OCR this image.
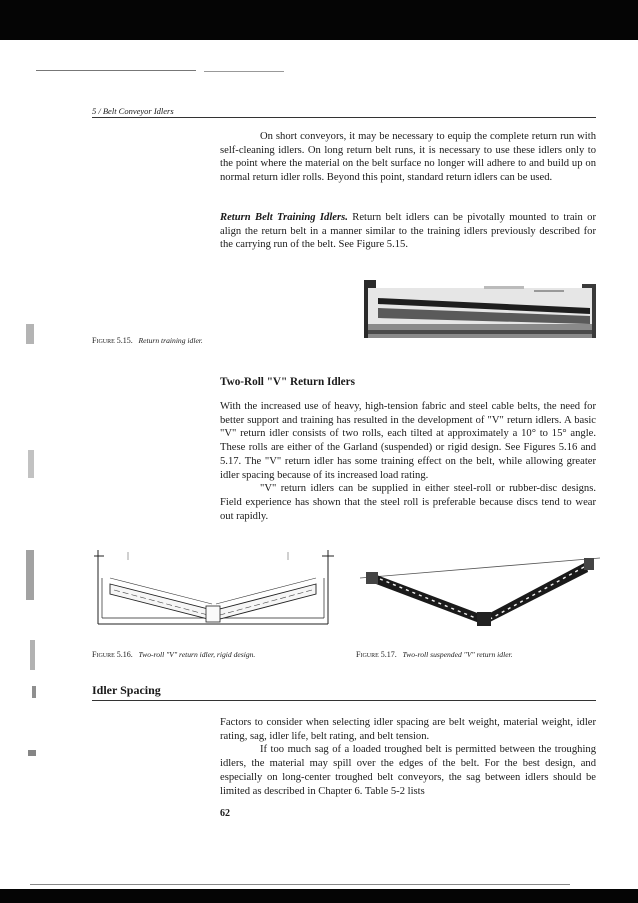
5 / Belt Conveyor Idlers

On short conveyors, it may be necessary to equip the complete return run with self-cleaning idlers. On long return belt runs, it is necessary to use these idlers only to the point where the material on the belt surface no longer will adhere to and build up on normal return idler rolls. Beyond this point, standard return idlers can be used.

Return Belt Training Idlers. Return belt idlers can be pivotally mounted to train or align the return belt in a manner similar to the training idlers previously described for the carrying run of the belt. See Figure 5.15.

Figure 5.15. Return training idler.
Two-Roll "V" Return Idlers

With the increased use of heavy, high-tension fabric and steel cable belts, the need for better support and training has resulted in the development of "V" return idlers. A basic "V" return idler consists of two rolls, each tilted at approximately a 10° to 15° angle. These rolls are either of the Garland (suspended) or rigid design. See Figures 5.16 and 5.17. The "V" return idler has some training effect on the belt, while allowing greater idler spacing because of its increased load rating.

"V" return idlers can be supplied in either steel-roll or rubber-disc designs. Field experience has shown that the steel roll is preferable because discs tend to wear out rapidly.

Figure 5.16. Two-roll "V" return idler, rigid design.	Figure 5.17. Two-roll suspended "V" return idler.
Idler Spacing

Factors to consider when selecting idler spacing are belt weight, material weight, idler rating, sag, idler life, belt rating, and belt tension.

If too much sag of a loaded troughed belt is permitted between the troughing idlers, the material may spill over the edges of the belt. For the best design, and especially on long-center troughed belt conveyors, the sag between idlers should be limited as described in Chapter 6. Table 5-2 lists

62
